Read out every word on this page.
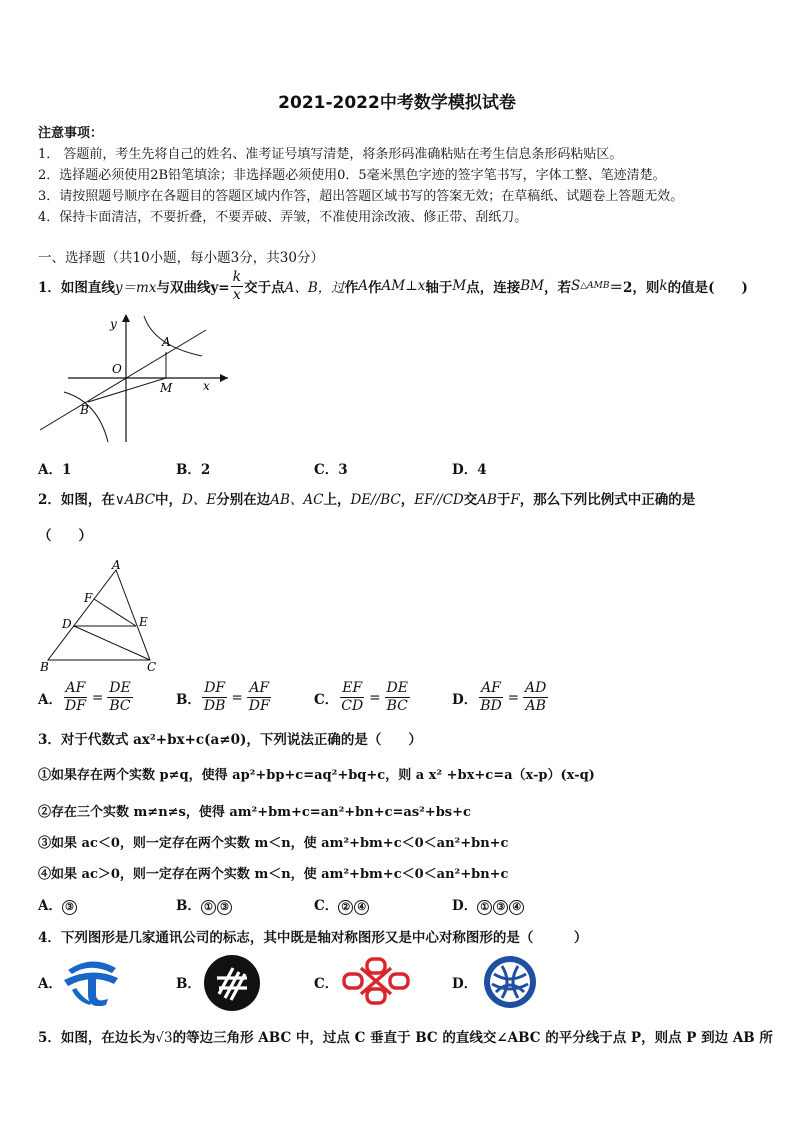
2021-2022中考数学模拟试卷
注意事项：
1． 答题前，考生先将自己的姓名、准考证号填写清楚，将条形码准确粘贴在考生信息条形码粘贴区。
2．选择题必须使用2B铅笔填涂；非选择题必须使用0．5毫米黑色字迹的签字笔书写，字体工整、笔迹清楚。
3．请按照题号顺序在各题目的答题区域内作答，超出答题区域书写的答案无效；在草稿纸、试题卷上答题无效。
4．保持卡面清洁，不要折叠，不要弄破、弄皱，不准使用涂改液、修正带、刮纸刀。
一、选择题（共10小题，每小题3分，共30分）
1．如图直线 y＝mx 与双曲线$y= \frac{k}{x}$ 交于点 A、B，过 作 A 作 AM⊥x 轴于 M 点，连接 BM ，若 S △AMB ＝2，则 k 的值是(　　)
y
x
O
A
B
M
A．1	B．2	C．3	D．4
2．如图，在∨ABC中，D、E分别在边AB、AC上，DE//BC，EF//CD交AB于F，那么下列比例式中正确的是
（　　）
A
F
D	E
B	C
A． $\frac{AF}{DF} = \frac{DE}{BC}$	B． $\frac{DF}{DB} = \frac{AF}{DF}$	C． $\frac{EF}{CD} = \frac{DE}{BC}$	D． $\frac{AF}{BD} = \frac{AD}{AB}$
3．对于代数式 ax²+bx+c(a≠0)，下列说法正确的是（　　）
①如果存在两个实数 p≠q，使得 ap²+bp+c=aq²+bq+c，则 a x² +bx+c=a（x-p）(x-q)
②存在三个实数 m≠n≠s，使得 am²+bm+c=an²+bn+c=as²+bs+c
③如果 ac＜0，则一定存在两个实数 m＜n，使 am²+bm+c＜0＜an²+bn+c
④如果 ac＞0，则一定存在两个实数 m＜n，使 am²+bm+c＜0＜an²+bn+c
A． ③	B． ① ③	C． ② ④	D． ① ③ ④
4．下列图形是几家通讯公司的标志，其中既是轴对称图形又是中心对称图形的是（　　　）
A．	B．	C．	D．
5．如图，在边长为√3的等边三角形 ABC 中，过点 C 垂直于 BC 的直线交∠ABC 的平分线于点 P，则点 P 到边 AB 所
